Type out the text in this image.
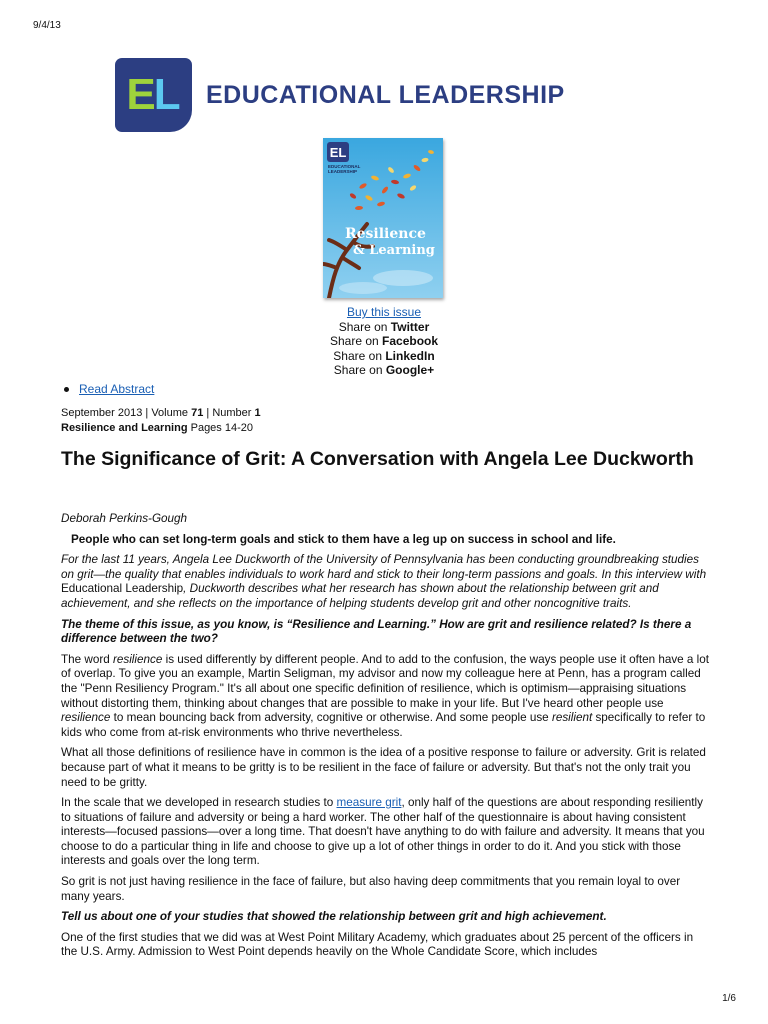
9/4/13
E
L EDUCATIONAL LEADERSHIP
EL
EDUCATIONAL
LEADERSHIP
Resilience
& Learning
Buy this issue
Share on Twitter
Share on Facebook
Share on LinkedIn
Share on Google+
Read Abstract
September 2013 | Volume 71 | Number 1
Resilience and Learning Pages 14-20
The Significance of Grit: A Conversation with Angela Lee Duckworth

Deborah Perkins-Gough

People who can set long-term goals and stick to them have a leg up on success in school and life.

For the last 11 years, Angela Lee Duckworth of the University of Pennsylvania has been conducting groundbreaking studies on grit—the quality that enables individuals to work hard and stick to their long-term passions and goals. In this interview with Educational Leadership, Duckworth describes what her research has shown about the relationship between grit and achievement, and she reflects on the importance of helping students develop grit and other noncognitive traits.

The theme of this issue, as you know, is “Resilience and Learning.” How are grit and resilience related? Is there a difference between the two?

The word resilience is used differently by different people. And to add to the confusion, the ways people use it often have a lot of overlap. To give you an example, Martin Seligman, my advisor and now my colleague here at Penn, has a program called the "Penn Resiliency Program." It's all about one specific definition of resilience, which is optimism—appraising situations without distorting them, thinking about changes that are possible to make in your life. But I've heard other people use resilience to mean bouncing back from adversity, cognitive or otherwise. And some people use resilient specifically to refer to kids who come from at-risk environments who thrive nevertheless.

What all those definitions of resilience have in common is the idea of a positive response to failure or adversity. Grit is related because part of what it means to be gritty is to be resilient in the face of failure or adversity. But that's not the only trait you need to be gritty.

In the scale that we developed in research studies to measure grit, only half of the questions are about responding resiliently to situations of failure and adversity or being a hard worker. The other half of the questionnaire is about having consistent interests—focused passions—over a long time. That doesn't have anything to do with failure and adversity. It means that you choose to do a particular thing in life and choose to give up a lot of other things in order to do it. And you stick with those interests and goals over the long term.

So grit is not just having resilience in the face of failure, but also having deep commitments that you remain loyal to over many years.

Tell us about one of your studies that showed the relationship between grit and high achievement.

One of the first studies that we did was at West Point Military Academy, which graduates about 25 percent of the officers in the U.S. Army. Admission to West Point depends heavily on the Whole Candidate Score, which includes

1/6
